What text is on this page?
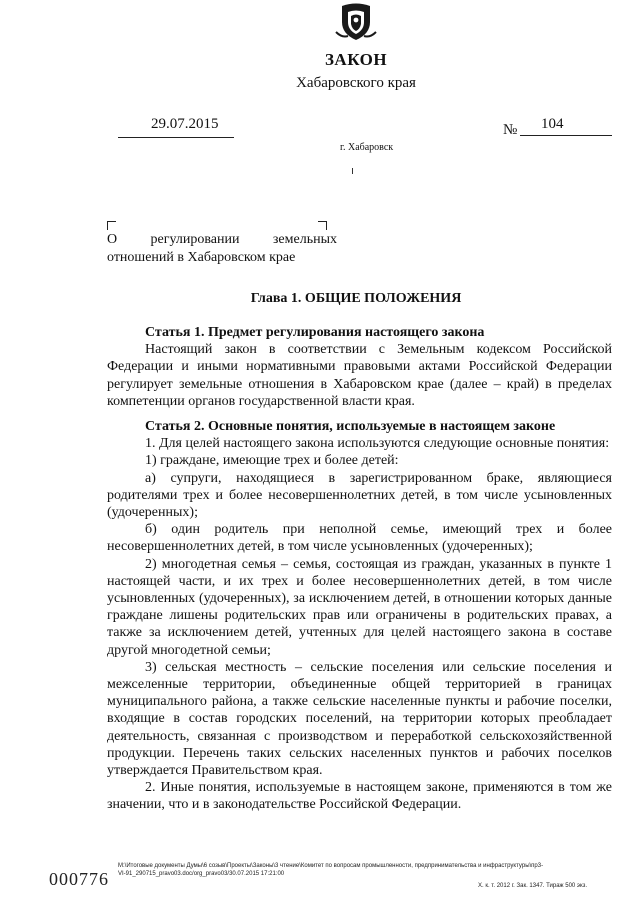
ЗАКОН
Хабаровского края
29.07.2015	№ 104
г. Хабаровск
О регулировании земельных
отношений в Хабаровском крае
Глава 1. ОБЩИЕ ПОЛОЖЕНИЯ

Статья 1. Предмет регулирования настоящего закона

Настоящий закон в соответствии с Земельным кодексом Российской Федерации и иными нормативными правовыми актами Российской Федерации регулирует земельные отношения в Хабаровском крае (далее – край) в пределах компетенции органов государственной власти края.

Статья 2. Основные понятия, используемые в настоящем законе

1. Для целей настоящего закона используются следующие основные понятия:

1) граждане, имеющие трех и более детей:

а) супруги, находящиеся в зарегистрированном браке, являющиеся родителями трех и более несовершеннолетних детей, в том числе усыновленных (удочеренных);

б) один родитель при неполной семье, имеющий трех и более несовершеннолетних детей, в том числе усыновленных (удочеренных);

2) многодетная семья – семья, состоящая из граждан, указанных в пункте 1 настоящей части, и их трех и более несовершеннолетних детей, в том числе усыновленных (удочеренных), за исключением детей, в отношении которых данные граждане лишены родительских прав или ограничены в родительских правах, а также за исключением детей, учтенных для целей настоящего закона в составе другой многодетной семьи;

3) сельская местность – сельские поселения или сельские поселения и межселенные территории, объединенные общей территорией в границах муниципального района, а также сельские населенные пункты и рабочие поселки, входящие в состав городских поселений, на территории которых преобладает деятельность, связанная с производством и переработкой сельскохозяйственной продукции. Перечень таких сельских населенных пунктов и рабочих поселков утверждается Правительством края.

2. Иные понятия, используемые в настоящем законе, применяются в том же значении, что и в законодательстве Российской Федерации.

М:\Итоговые документы Думы\6 созыв\Проекты\Законы\3 чтение\Комитет по вопросам промышленности, предпринимательства и инфраструктуры\пр3-
VI-91_290715_pravo03.doc/org_pravo03/30.07.2015 17:21:00
000776	Х. к. т. 2012 г. Зак. 1347. Тираж 500 экз.
